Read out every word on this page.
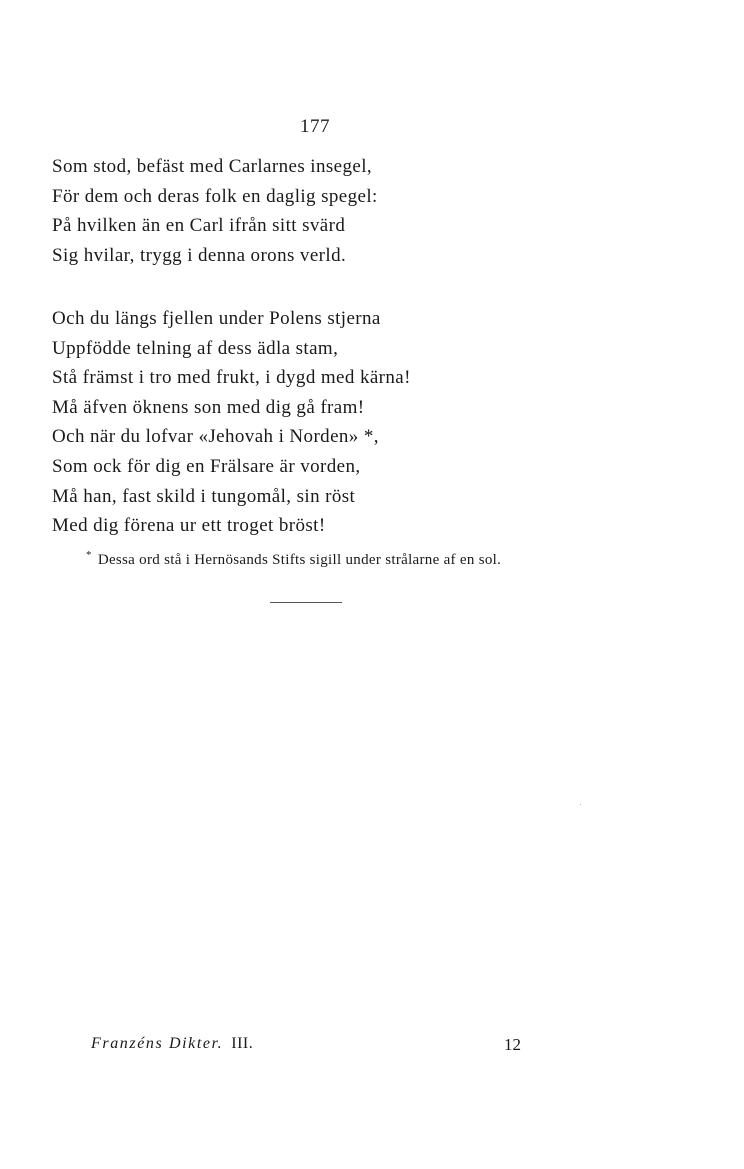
177
Som stod, befäst med Carlarnes insegel,
För dem och deras folk en daglig spegel:
På hvilken än en Carl ifrån sitt svärd
Sig hvilar, trygg i denna orons verld.
Och du längs fjellen under Polens stjerna
Uppfödde telning af dess ädla stam,
Stå främst i tro med frukt, i dygd med kärna!
Må äfven öknens son med dig gå fram!
Och när du lofvar «Jehovah i Norden» *,
Som ock för dig en Frälsare är vorden,
Må han, fast skild i tungomål, sin röst
Med dig förena ur ett troget bröst!
* Dessa ord stå i Hernösands Stifts sigill under strålarne af en sol.
Franzéns Dikter. III.	12
